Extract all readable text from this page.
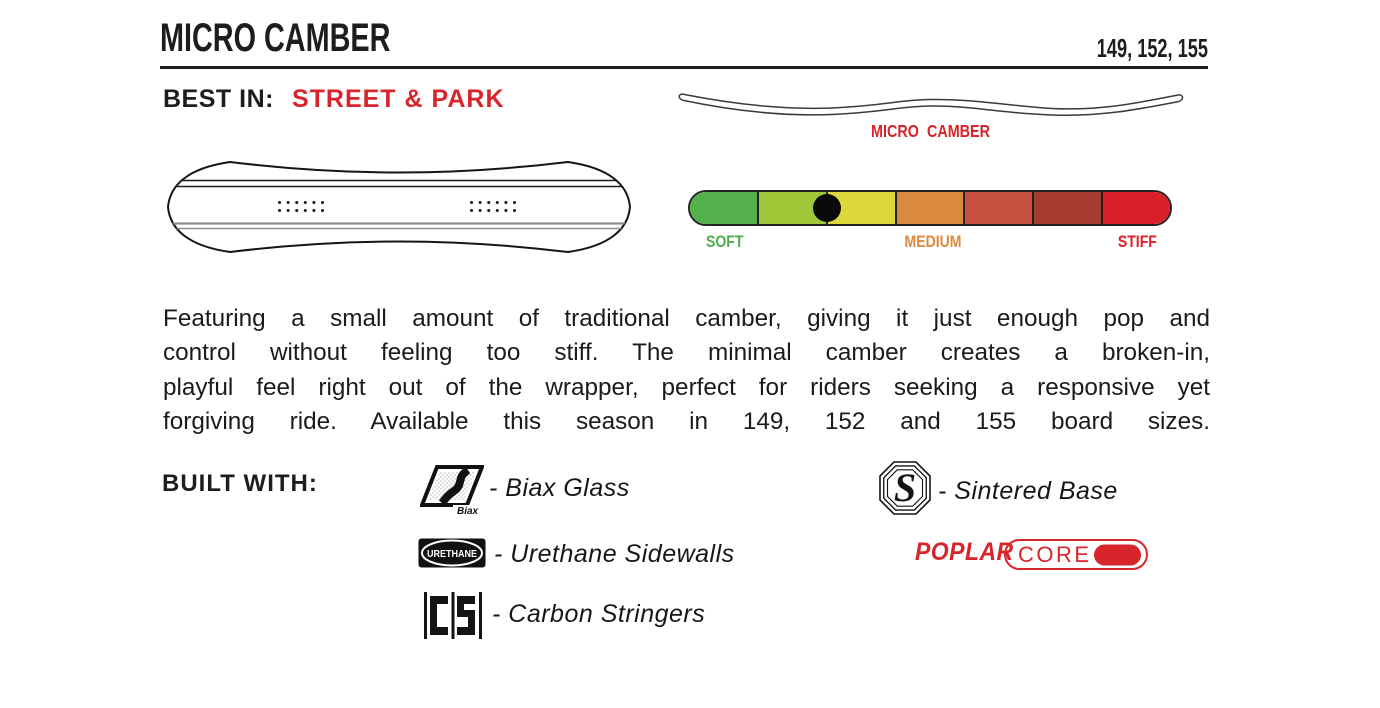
MICRO CAMBER	149, 152, 155
BEST IN: STREET & PARK
MICRO CAMBER
SOFT	MEDIUM	STIFF
Featuring a small amount of traditional camber, giving it just enough pop and
control without feeling too stiff. The minimal camber creates a broken-in,
playful feel right out of the wrapper, perfect for riders seeking a responsive yet
forgiving ride. Available this season in 149, 152 and 155 board sizes.
BUILT WITH:
Biax
- Biax Glass
URETHANE - Urethane Sidewalls
- Carbon Stringers
S - Sintered Base
POPLAR CORE
